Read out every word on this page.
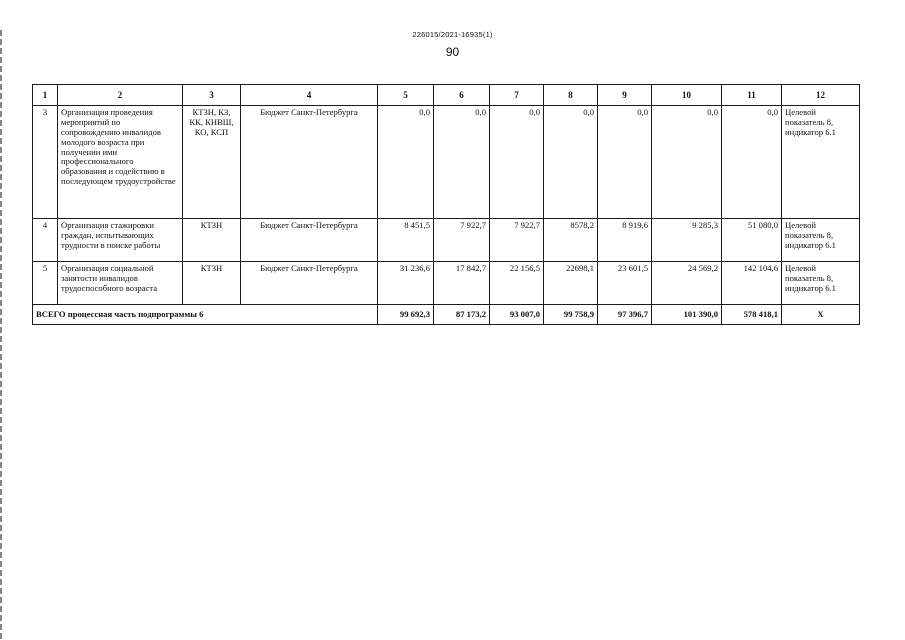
226015/2021-16935(1)
90
1	2	3	4	5	6	7	8	9	10	11	12
3	Организация проведения мероприятий по сопровождению инвалидов молодого возраста при получении ими профессионального образования и содействию в последующем трудоустройстве	КТЗН, КЗ, КК, КНВШ, КО, КСП	Бюджет Санкт-Петербурга	0,0	0,0	0,0	0,0	0,0	0,0	0,0	Целевой показатель 8, индикатор 6.1
4	Организация стажировки граждан, испытывающих трудности в поиске работы	КТЗН	Бюджет Санкт-Петербурга	8 451,5	7 922,7	7 922,7	8578,2	8 919,6	9 285,3	51 080,0	Целевой показатель 8, индикатор 6.1
5	Организация социальной занятости инвалидов трудоспособного возраста	КТЗН	Бюджет Санкт-Петербурга	31 236,6	17 842,7	22 156,5	22698,1	23 601,5	24 569,2	142 104,6	Целевой показатель 8, индикатор 6.1
ВСЕГО процессная часть подпрограммы 6				99 692,3	87 173,2	93 007,0	99 758,9	97 396,7	101 390,0	578 418,1	X
